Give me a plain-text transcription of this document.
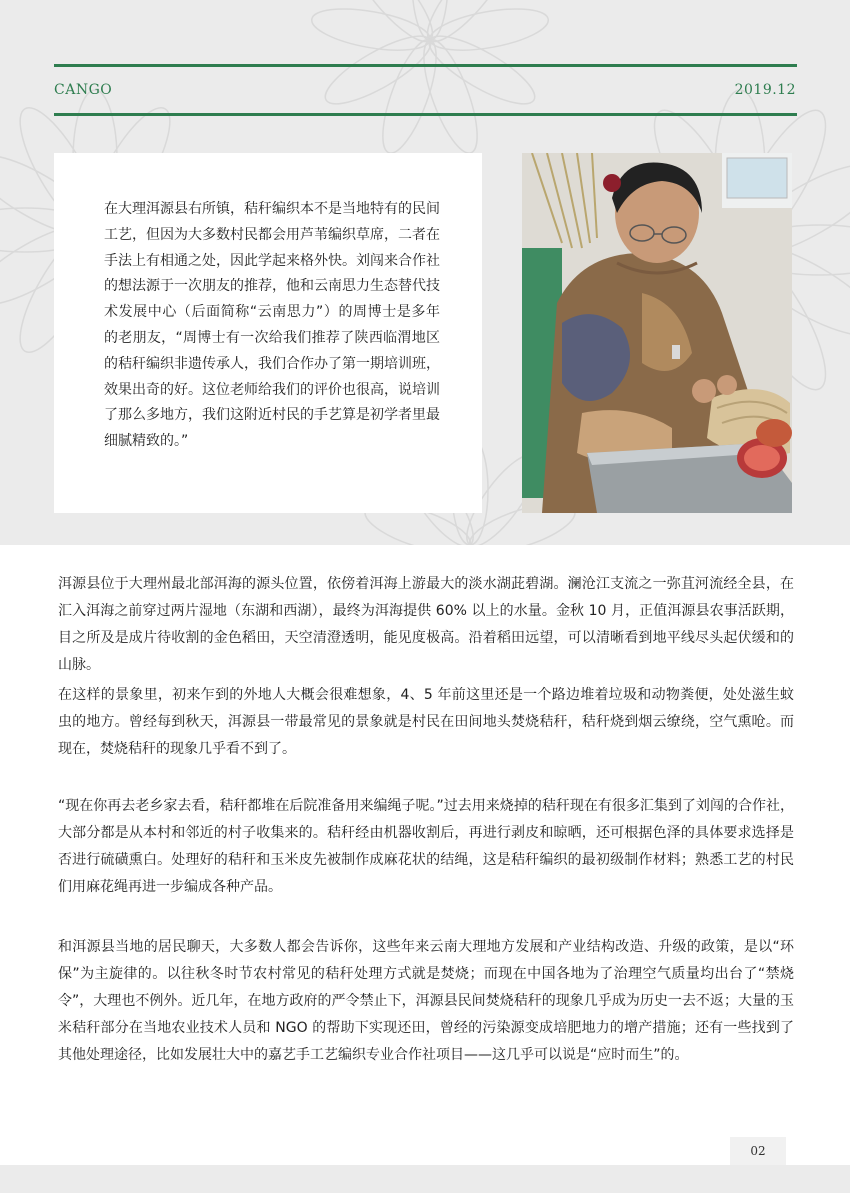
CANGO	2019.12

在大理洱源县右所镇，秸秆编织本不是当地特有的民间工艺，但因为大多数村民都会用芦苇编织草席，二者在手法上有相通之处，因此学起来格外快。刘闯来合作社的想法源于一次朋友的推荐，他和云南思力生态替代技术发展中心（后面简称“云南思力”）的周博士是多年的老朋友，“周博士有一次给我们推荐了陕西临渭地区的秸秆编织非遗传承人，我们合作办了第一期培训班，效果出奇的好。这位老师给我们的评价也很高，说培训了那么多地方，我们这附近村民的手艺算是初学者里最细腻精致的。”

洱源县位于大理州最北部洱海的源头位置，依傍着洱海上游最大的淡水湖茈碧湖。澜沧江支流之一弥苴河流经全县，在汇入洱海之前穿过两片湿地（东湖和西湖），最终为洱海提供 60% 以上的水量。金秋 10 月，正值洱源县农事活跃期，目之所及是成片待收割的金色稻田，天空清澄透明，能见度极高。沿着稻田远望，可以清晰看到地平线尽头起伏缓和的山脉。

在这样的景象里，初来乍到的外地人大概会很难想象，4、5 年前这里还是一个路边堆着垃圾和动物粪便，处处滋生蚊虫的地方。曾经每到秋天，洱源县一带最常见的景象就是村民在田间地头焚烧秸秆，秸秆烧到烟云缭绕，空气熏呛。而现在，焚烧秸秆的现象几乎看不到了。

“现在你再去老乡家去看，秸秆都堆在后院准备用来编绳子呢。”过去用来烧掉的秸秆现在有很多汇集到了刘闯的合作社，大部分都是从本村和邻近的村子收集来的。秸秆经由机器收割后，再进行剥皮和晾晒，还可根据色泽的具体要求选择是否进行硫磺熏白。处理好的秸秆和玉米皮先被制作成麻花状的结绳，这是秸秆编织的最初级制作材料；熟悉工艺的村民们用麻花绳再进一步编成各种产品。

和洱源县当地的居民聊天，大多数人都会告诉你，这些年来云南大理地方发展和产业结构改造、升级的政策，是以“环保”为主旋律的。以往秋冬时节农村常见的秸秆处理方式就是焚烧；而现在中国各地为了治理空气质量均出台了“禁烧令”，大理也不例外。近几年，在地方政府的严令禁止下，洱源县民间焚烧秸秆的现象几乎成为历史一去不返；大量的玉米秸秆部分在当地农业技术人员和 NGO 的帮助下实现还田，曾经的污染源变成培肥地力的增产措施；还有一些找到了其他处理途径，比如发展壮大中的嘉艺手工艺编织专业合作社项目——这几乎可以说是“应时而生”的。

02
